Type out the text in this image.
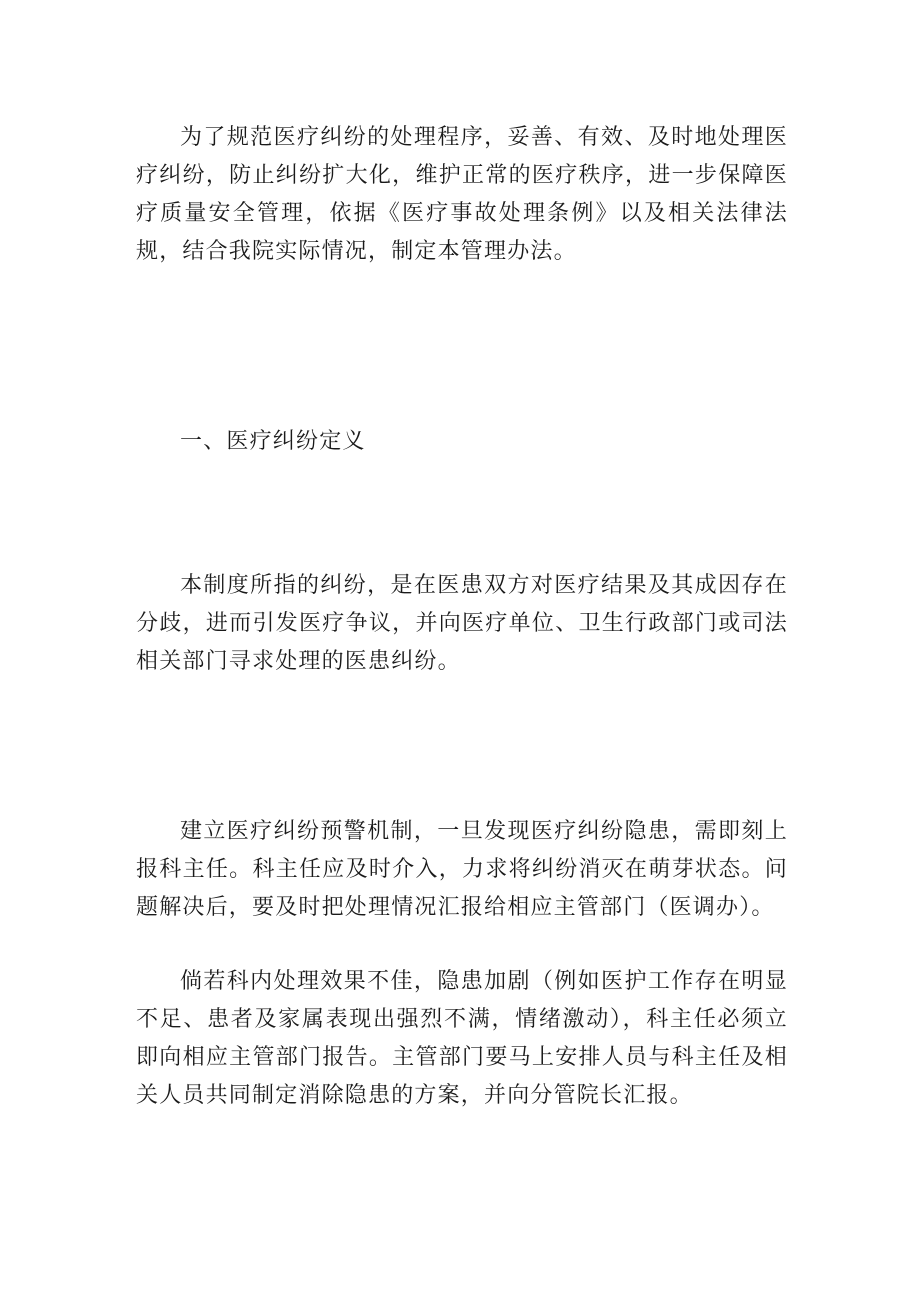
为了规范医疗纠纷的处理程序，妥善、有效、及时地处理医疗纠纷，防止纠纷扩大化，维护正常的医疗秩序，进一步保障医疗质量安全管理，依据《医疗事故处理条例》以及相关法律法规，结合我院实际情况，制定本管理办法。

一、医疗纠纷定义

本制度所指的纠纷，是在医患双方对医疗结果及其成因存在分歧，进而引发医疗争议，并向医疗单位、卫生行政部门或司法相关部门寻求处理的医患纠纷。

建立医疗纠纷预警机制，一旦发现医疗纠纷隐患，需即刻上报科主任。科主任应及时介入，力求将纠纷消灭在萌芽状态。问题解决后，要及时把处理情况汇报给相应主管部门（医调办）。

倘若科内处理效果不佳，隐患加剧（例如医护工作存在明显不足、患者及家属表现出强烈不满，情绪激动），科主任必须立即向相应主管部门报告。主管部门要马上安排人员与科主任及相关人员共同制定消除隐患的方案，并向分管院长汇报。
